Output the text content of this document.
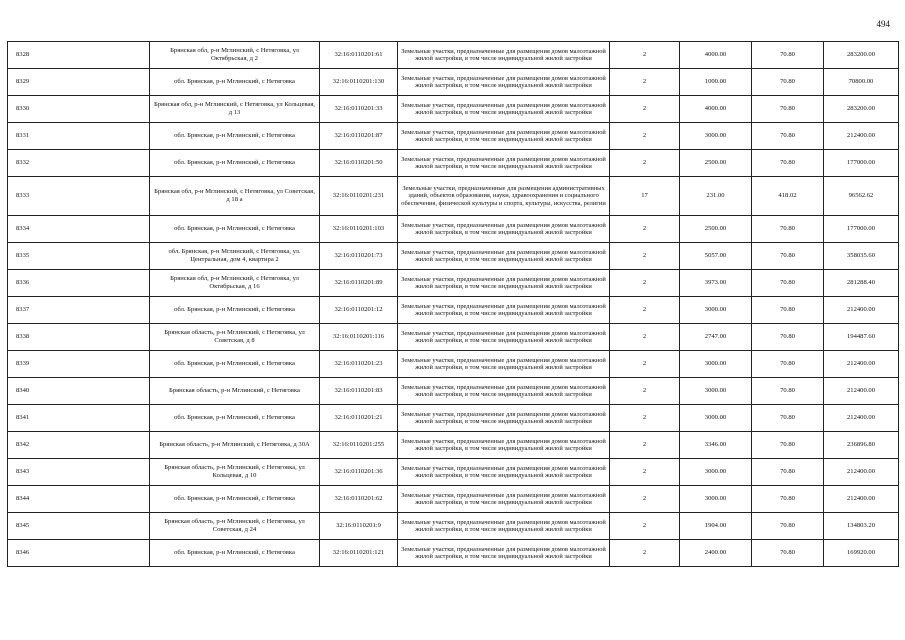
494
8328	Брянская обл, р-н Мглинский, с Нетяговка, ул Октябрьская, д 2	32:16:0110201:61	Земельные участки, предназначенные для размещения домов малоэтажной жилой застройки, в том числе индивидуальной жилой застройки	2	4000.00	70.80	283200.00
8329	обл. Брянская, р-н Мглинский, с Нетяговка	32:16:0110201:130	Земельные участки, предназначенные для размещения домов малоэтажной жилой застройки, в том числе индивидуальной жилой застройки	2	1000.00	70.80	70800.00
8330	Брянская обл, р-н Мглинский, с Нетяговка, ул Кольцевая, д 13	32:16:0110201:33	Земельные участки, предназначенные для размещения домов малоэтажной жилой застройки, в том числе индивидуальной жилой застройки	2	4000.00	70.80	283200.00
8331	обл. Брянская, р-н Мглинский, с Нетяговка	32:16:0110201:87	Земельные участки, предназначенные для размещения домов малоэтажной жилой застройки, в том числе индивидуальной жилой застройки	2	3000.00	70.80	212400.00
8332	обл. Брянская, р-н Мглинский, с Нетяговка	32:16:0110201:50	Земельные участки, предназначенные для размещения домов малоэтажной жилой застройки, в том числе индивидуальной жилой застройки	2	2500.00	70.80	177000.00
8333	Брянская обл, р-н Мглинский, с Нетяговка, ул Советская, д 18 а	32:16:0110201:231	Земельные участки, предназначенные для размещения административных зданий, объектов образования, науки, здравоохранения и социального обеспечения, физической культуры и спорта, культуры, искусства, религии	17	231.00	418.02	96562.62
8334	обл. Брянская, р-н Мглинский, с Нетяговка	32:16:0110201:103	Земельные участки, предназначенные для размещения домов малоэтажной жилой застройки, в том числе индивидуальной жилой застройки	2	2500.00	70.80	177000.00
8335	обл. Брянская, р-н Мглинский, с Нетяговка, ул. Центральная, дом 4, квартира 2	32:16:0110201:73	Земельные участки, предназначенные для размещения домов малоэтажной жилой застройки, в том числе индивидуальной жилой застройки	2	5057.00	70.80	358035.60
8336	Брянская обл, р-н Мглинский, с Нетяговка, ул Октябрьская, д 16	32:16:0110201:89	Земельные участки, предназначенные для размещения домов малоэтажной жилой застройки, в том числе индивидуальной жилой застройки	2	3973.00	70.80	281288.40
8337	обл. Брянская, р-н Мглинский, с Нетяговка	32:16:0110201:12	Земельные участки, предназначенные для размещения домов малоэтажной жилой застройки, в том числе индивидуальной жилой застройки	2	3000.00	70.80	212400.00
8338	Брянская область, р-н Мглинский, с Нетяговка, ул Советская, д 8	32:16:0110201:116	Земельные участки, предназначенные для размещения домов малоэтажной жилой застройки, в том числе индивидуальной жилой застройки	2	2747.00	70.80	194487.60
8339	обл. Брянская, р-н Мглинский, с Нетяговка	32:16:0110201:23	Земельные участки, предназначенные для размещения домов малоэтажной жилой застройки, в том числе индивидуальной жилой застройки	2	3000.00	70.80	212400.00
8340	Брянская область, р-н Мглинский, с Нетяговка	32:16:0110201:83	Земельные участки, предназначенные для размещения домов малоэтажной жилой застройки, в том числе индивидуальной жилой застройки	2	3000.00	70.80	212400.00
8341	обл. Брянская, р-н Мглинский, с Нетяговка	32:16:0110201:21	Земельные участки, предназначенные для размещения домов малоэтажной жилой застройки, в том числе индивидуальной жилой застройки	2	3000.00	70.80	212400.00
8342	Брянская область, р-н Мглинский, с Нетяговка, д 30А	32:16:0110201:255	Земельные участки, предназначенные для размещения домов малоэтажной жилой застройки, в том числе индивидуальной жилой застройки	2	3346.00	70.80	236896.80
8343	Брянская область, р-н Мглинский, с Нетяговка, ул Кольцевая, д 10	32:16:0110201:36	Земельные участки, предназначенные для размещения домов малоэтажной жилой застройки, в том числе индивидуальной жилой застройки	2	3000.00	70.80	212400.00
8344	обл. Брянская, р-н Мглинский, с Нетяговка	32:16:0110201:62	Земельные участки, предназначенные для размещения домов малоэтажной жилой застройки, в том числе индивидуальной жилой застройки	2	3000.00	70.80	212400.00
8345	Брянская область, р-н Мглинский, с Нетяговка, ул Советская, д 24	32:16:0110201:9	Земельные участки, предназначенные для размещения домов малоэтажной жилой застройки, в том числе индивидуальной жилой застройки	2	1904.00	70.80	134803.20
8346	обл. Брянская, р-н Мглинский, с Нетяговка	32:16:0110201:121	Земельные участки, предназначенные для размещения домов малоэтажной жилой застройки, в том числе индивидуальной жилой застройки	2	2400.00	70.80	169920.00
